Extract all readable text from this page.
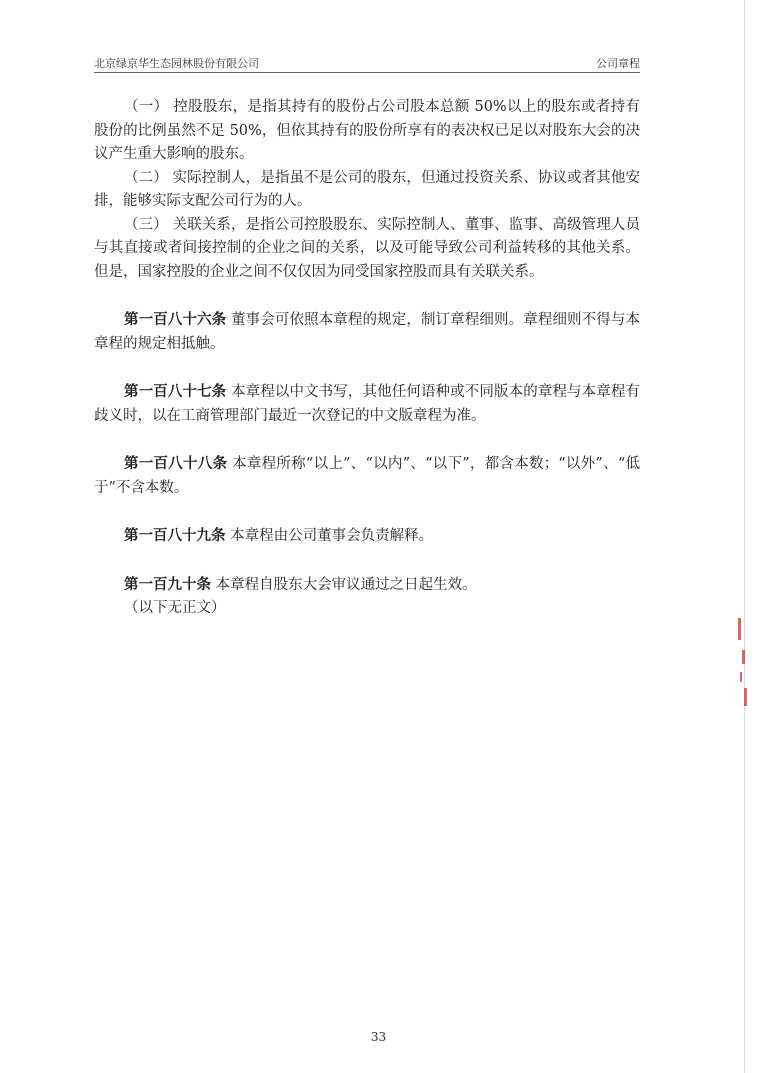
北京绿京华生态园林股份有限公司	公司章程

（一） 控股股东，是指其持有的股份占公司股本总额 50%以上的股东或者持有股份的比例虽然不足 50%，但依其持有的股份所享有的表决权已足以对股东大会的决议产生重大影响的股东。

（二） 实际控制人，是指虽不是公司的股东，但通过投资关系、协议或者其他安排，能够实际支配公司行为的人。

（三） 关联关系，是指公司控股股东、实际控制人、董事、监事、高级管理人员与其直接或者间接控制的企业之间的关系，以及可能导致公司利益转移的其他关系。但是，国家控股的企业之间不仅仅因为同受国家控股而具有关联关系。

第一百八十六条 董事会可依照本章程的规定，制订章程细则。章程细则不得与本章程的规定相抵触。

第一百八十七条 本章程以中文书写，其他任何语种或不同版本的章程与本章程有歧义时，以在工商管理部门最近一次登记的中文版章程为准。

第一百八十八条 本章程所称“以上”、“以内”、“以下”，都含本数；“以外”、“低于”不含本数。

第一百八十九条 本章程由公司董事会负责解释。

第一百九十条 本章程自股东大会审议通过之日起生效。

（以下无正文）

33
